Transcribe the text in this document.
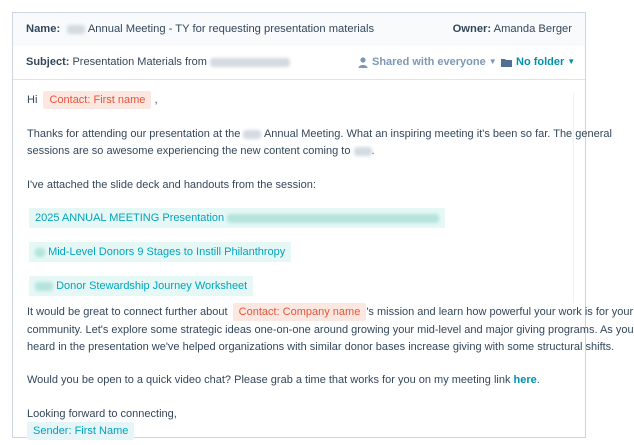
Name: Annual Meeting - TY for requesting presentation materials	Owner: Amanda Berger
Subject: Presentation Materials from	Shared with everyone ▼	No folder ▼
Hi Contact: First name ,
Thanks for attending our presentation at the Annual Meeting. What an inspiring meeting it's been so far. The general
sessions are so awesome experiencing the new content coming to .
I've attached the slide deck and handouts from the session:
2025 ANNUAL MEETING Presentation
Mid-Level Donors 9 Stages to Instill Philanthropy
Donor Stewardship Journey Worksheet
It would be great to connect further about Contact: Company name 's mission and learn how powerful your work is for your
community. Let's explore some strategic ideas one-on-one around growing your mid-level and major giving programs. As you
heard in the presentation we've helped organizations with similar donor bases increase giving with some structural shifts.
Would you be open to a quick video chat? Please grab a time that works for you on my meeting link here.
Looking forward to connecting,
Sender: First Name
